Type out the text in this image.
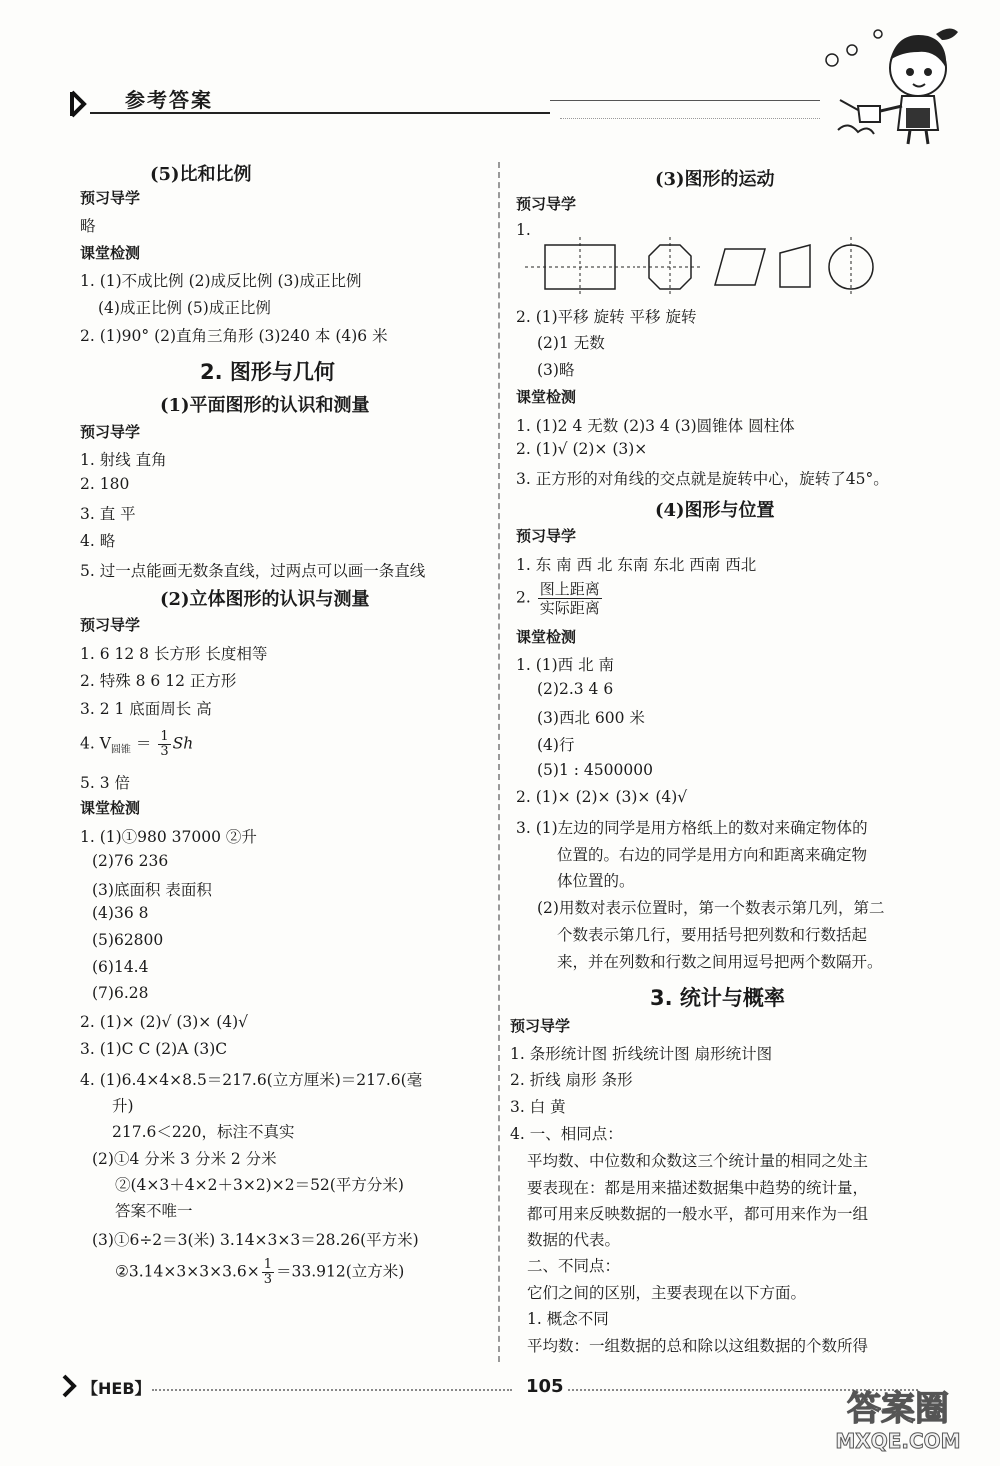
参考答案
(5)比和比例
预习导学
略
课堂检测
1. (1)不成比例 (2)成反比例 (3)成正比例
(4)成正比例 (5)成正比例
2. (1)90° (2)直角三角形 (3)240 本 (4)6 米
2. 图形与几何
(1)平面图形的认识和测量
预习导学
1. 射线 直角
2. 180
3. 直 平
4. 略
5. 过一点能画无数条直线，过两点可以画一条直线
(2)立体图形的认识与测量
预习导学
1. 6 12 8 长方形 长度相等
2. 特殊 8 6 12 正方形
3. 2 1 底面周长 高
5. 3 倍
课堂检测
1. (1)①980 37000 ②升
(2)76 236
(3)底面积 表面积
(4)36 8
(5)62800
(6)14.4
(7)6.28
2. (1)× (2)√ (3)× (4)√
3. (1)C C (2)A (3)C
4. (1)6.4×4×8.5＝217.6(立方厘米)＝217.6(毫
升)
217.6＜220，标注不真实
(2)①4 分米 3 分米 2 分米
②(4×3＋4×2＋3×2)×2＝52(平方分米)
答案不唯一
(3)①6÷2＝3(米) 3.14×3×3＝28.26(平方米)
4. $V_{圆锥} = \frac{1}{3}$ Sh
②3.14×3×3×3.6× $\frac{1}{3} =33.912$(立方米)
(3)图形的运动
预习导学
1.
2. (1)平移 旋转 平移 旋转
(2)1 无数
(3)略
课堂检测
1. (1)2 4 无数 (2)3 4 (3)圆锥体 圆柱体
2. (1)√ (2)× (3)×
3. 正方形的对角线的交点就是旋转中心，旋转了45°。
(4)图形与位置
预习导学
1. 东 南 西 北 东南 东北 西南 西北
课堂检测
1. (1)西 北 南
(2)2.3 4 6
(3)西北 600 米
(4)行
(5)1 : 4500000
2. (1)× (2)× (3)× (4)√
3. (1)左边的同学是用方格纸上的数对来确定物体的
位置的。右边的同学是用方向和距离来确定物
体位置的。
(2)用数对表示位置时，第一个数表示第几列，第二
个数表示第几行，要用括号把列数和行数括起
来，并在列数和行数之间用逗号把两个数隔开。
3. 统计与概率
预习导学
1. 条形统计图 折线统计图 扇形统计图
2. 折线 扇形 条形
3. 白 黄
4. 一、相同点：
平均数、中位数和众数这三个统计量的相同之处主
要表现在：都是用来描述数据集中趋势的统计量，
都可用来反映数据的一般水平，都可用来作为一组
数据的代表。
二、不同点：
它们之间的区别，主要表现在以下方面。
1. 概念不同
平均数：一组数据的总和除以这组数据的个数所得
2. $\frac{\text{图上距离}}{\text{实际距离}}$
【HEB】	105
答案圈
MXQE.COM
